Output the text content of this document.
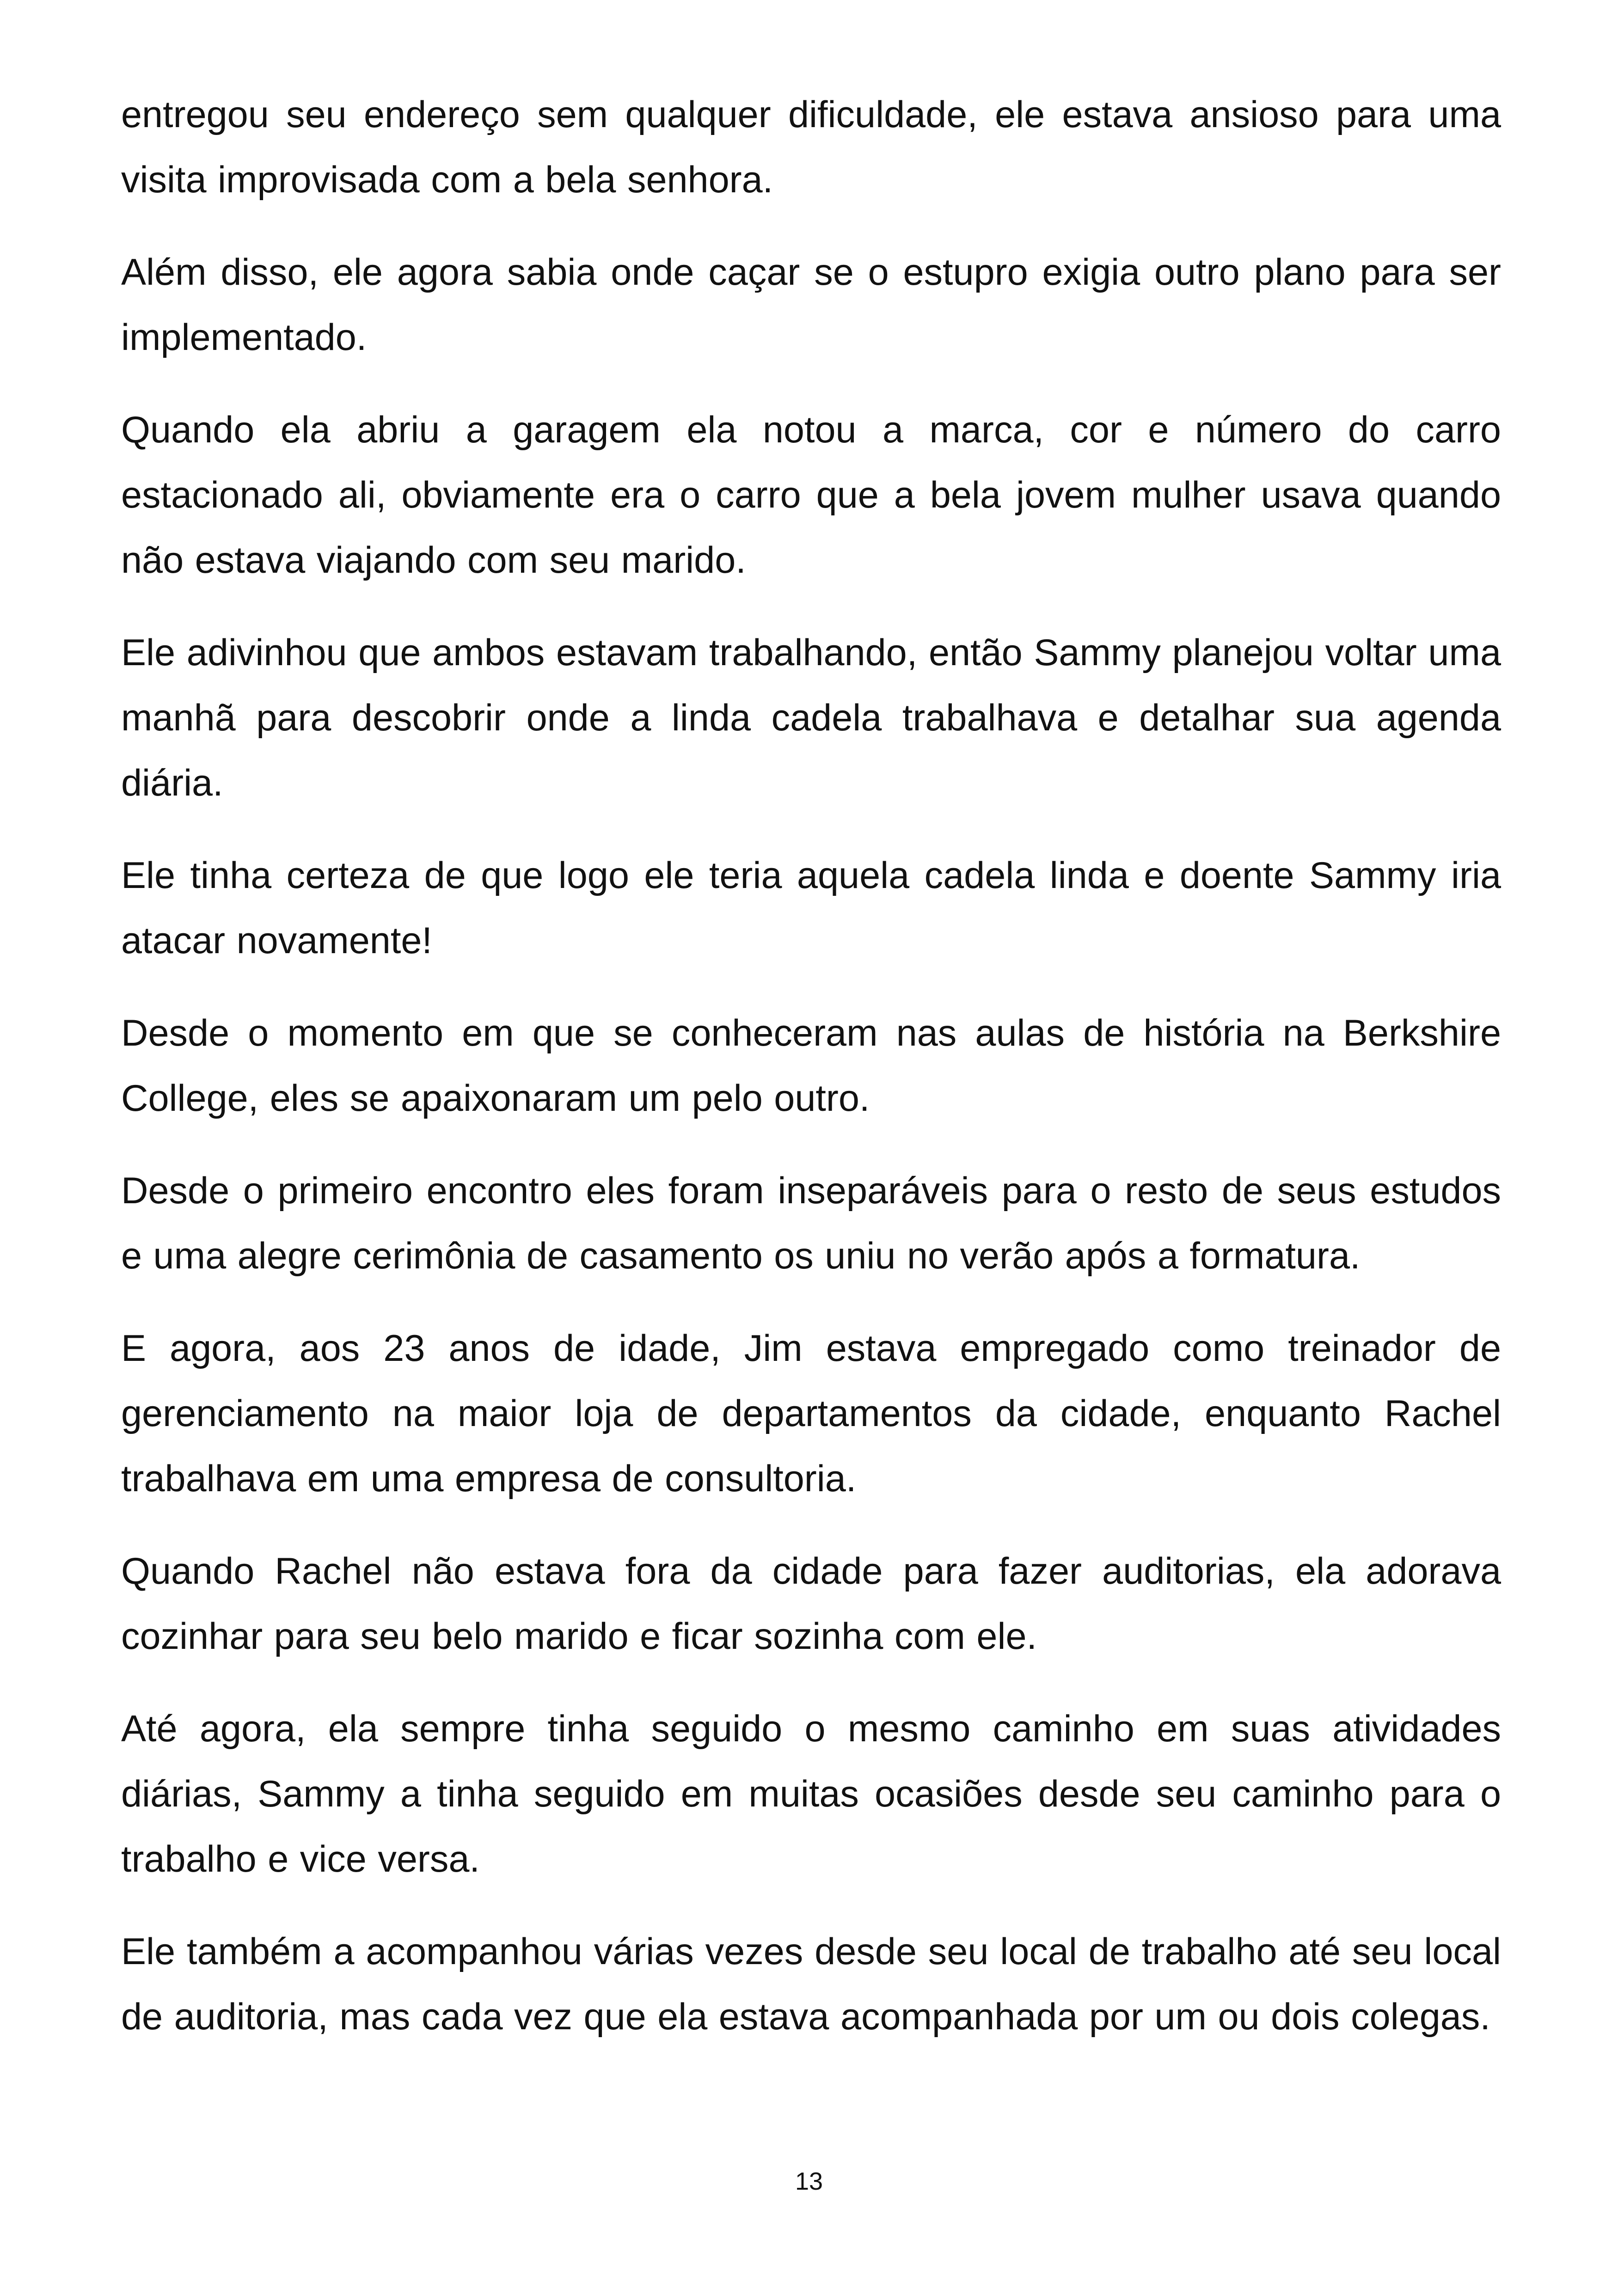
entregou seu endereço sem qualquer dificuldade, ele estava ansioso para uma visita improvisada com a bela senhora.

Além disso, ele agora sabia onde caçar se o estupro exigia outro plano para ser implementado.

Quando ela abriu a garagem ela notou a marca, cor e número do carro estacionado ali, obviamente era o carro que a bela jovem mulher usava quando não estava viajando com seu marido.

Ele adivinhou que ambos estavam trabalhando, então Sammy planejou voltar uma manhã para descobrir onde a linda cadela trabalhava e detalhar sua agenda diária.

Ele tinha certeza de que logo ele teria aquela cadela linda e doente Sammy iria atacar novamente!

Desde o momento em que se conheceram nas aulas de história na Berkshire College, eles se apaixonaram um pelo outro.

Desde o primeiro encontro eles foram inseparáveis para o resto de seus estudos e uma alegre cerimônia de casamento os uniu no verão após a formatura.

E agora, aos 23 anos de idade, Jim estava empregado como treinador de gerenciamento na maior loja de departamentos da cidade, enquanto Rachel trabalhava em uma empresa de consultoria.

Quando Rachel não estava fora da cidade para fazer auditorias, ela adorava cozinhar para seu belo marido e ficar sozinha com ele.

Até agora, ela sempre tinha seguido o mesmo caminho em suas atividades diárias, Sammy a tinha seguido em muitas ocasiões desde seu caminho para o trabalho e vice versa.

Ele também a acompanhou várias vezes desde seu local de trabalho até seu local de auditoria, mas cada vez que ela estava acompanhada por um ou dois colegas.

13
